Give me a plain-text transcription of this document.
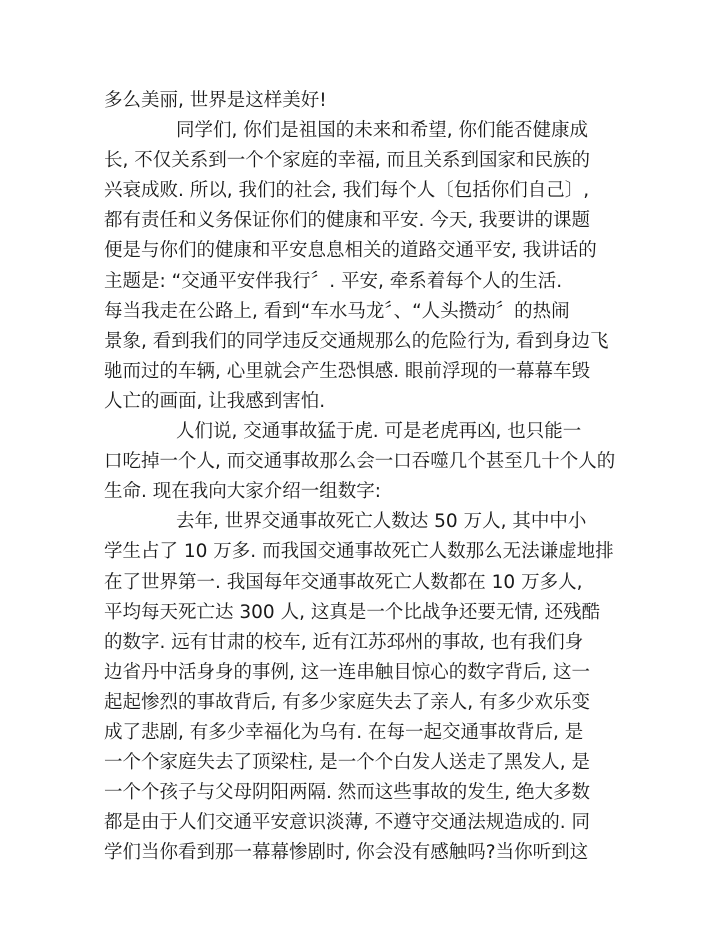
多么美丽, 世界是这样美好!
同学们, 你们是祖国的未来和希望, 你们能否健康成
长, 不仅关系到一个个家庭的幸福, 而且关系到国家和民族的
兴衰成败. 所以, 我们的社会, 我们每个人〔包括你们自己〕,
都有责任和义务保证你们的健康和平安. 今天, 我要讲的课题
便是与你们的健康和平安息息相关的道路交通平安, 我讲话的
主题是: “交通平安伴我行〞. 平安, 牵系着每个人的生活.
每当我走在公路上, 看到“车水马龙〞、“人头攒动〞的热闹
景象, 看到我们的同学违反交通规那么的危险行为, 看到身边飞
驰而过的车辆, 心里就会产生恐惧感. 眼前浮现的一幕幕车毁
人亡的画面, 让我感到害怕.
人们说, 交通事故猛于虎. 可是老虎再凶, 也只能一
口吃掉一个人, 而交通事故那么会一口吞噬几个甚至几十个人的
生命. 现在我向大家介绍一组数字:
去年, 世界交通事故死亡人数达 50 万人, 其中中小
学生占了 10 万多. 而我国交通事故死亡人数那么无法谦虚地排
在了世界第一. 我国每年交通事故死亡人数都在 10 万多人,
平均每天死亡达 300 人, 这真是一个比战争还要无情, 还残酷
的数字. 远有甘肃的校车, 近有江苏邳州的事故, 也有我们身
边省丹中活身身的事例, 这一连串触目惊心的数字背后, 这一
起起惨烈的事故背后, 有多少家庭失去了亲人, 有多少欢乐变
成了悲剧, 有多少幸福化为乌有. 在每一起交通事故背后, 是
一个个家庭失去了顶梁柱, 是一个个白发人送走了黑发人, 是
一个个孩子与父母阴阳两隔. 然而这些事故的发生, 绝大多数
都是由于人们交通平安意识淡薄, 不遵守交通法规造成的. 同
学们当你看到那一幕幕惨剧时, 你会没有感触吗?当你听到这
